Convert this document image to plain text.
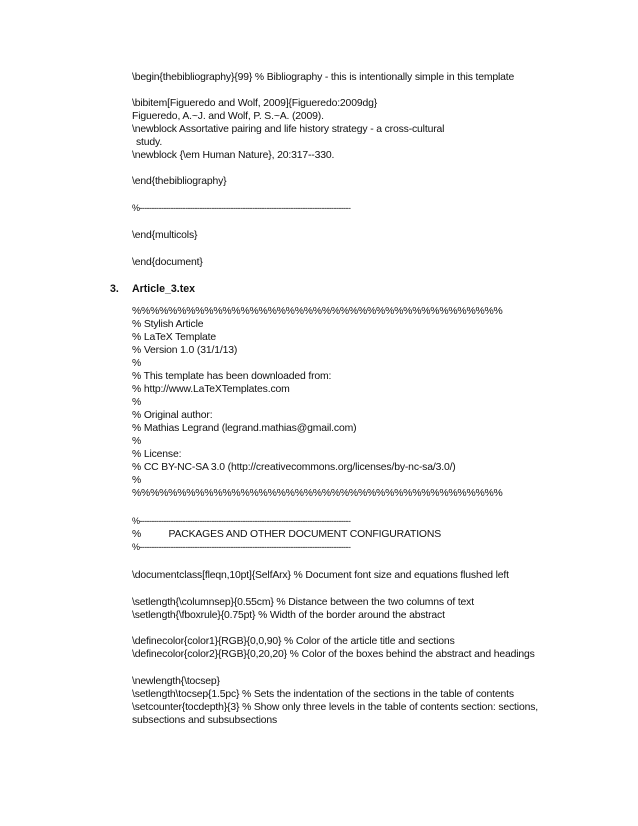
\begin{thebibliography}{99} % Bibliography - this is intentionally simple in this template
\bibitem[Figueredo and Wolf, 2009]{Figueredo:2009dg}
Figueredo, A.~J. and Wolf, P. S.~A. (2009).
\newblock Assortative pairing and life history strategy - a cross-cultural
study.
\newblock {\em Human Nature}, 20:317--330.
\end{thebibliography}
%----------------------------------------------------------------------------------------
\end{multicols}
\end{document}
3. Article_3.tex
%%%%%%%%%%%%%%%%%%%%%%%%%%%%%%%%%%%%%%%%%
% Stylish Article
% LaTeX Template
% Version 1.0 (31/1/13)
%
% This template has been downloaded from:
% http://www.LaTeXTemplates.com
%
% Original author:
% Mathias Legrand (legrand.mathias@gmail.com)
%
% License:
% CC BY-NC-SA 3.0 (http://creativecommons.org/licenses/by-nc-sa/3.0/)
%
%%%%%%%%%%%%%%%%%%%%%%%%%%%%%%%%%%%%%%%%%
%----------------------------------------------------------------------------------------
%          PACKAGES AND OTHER DOCUMENT CONFIGURATIONS
%----------------------------------------------------------------------------------------
\documentclass[fleqn,10pt]{SelfArx} % Document font size and equations flushed left
\setlength{\columnsep}{0.55cm} % Distance between the two columns of text
\setlength{\fboxrule}{0.75pt} % Width of the border around the abstract
\definecolor{color1}{RGB}{0,0,90} % Color of the article title and sections
\definecolor{color2}{RGB}{0,20,20} % Color of the boxes behind the abstract and headings
\newlength{\tocsep}
\setlength\tocsep{1.5pc} % Sets the indentation of the sections in the table of contents
\setcounter{tocdepth}{3} % Show only three levels in the table of contents section: sections,
subsections and subsubsections
